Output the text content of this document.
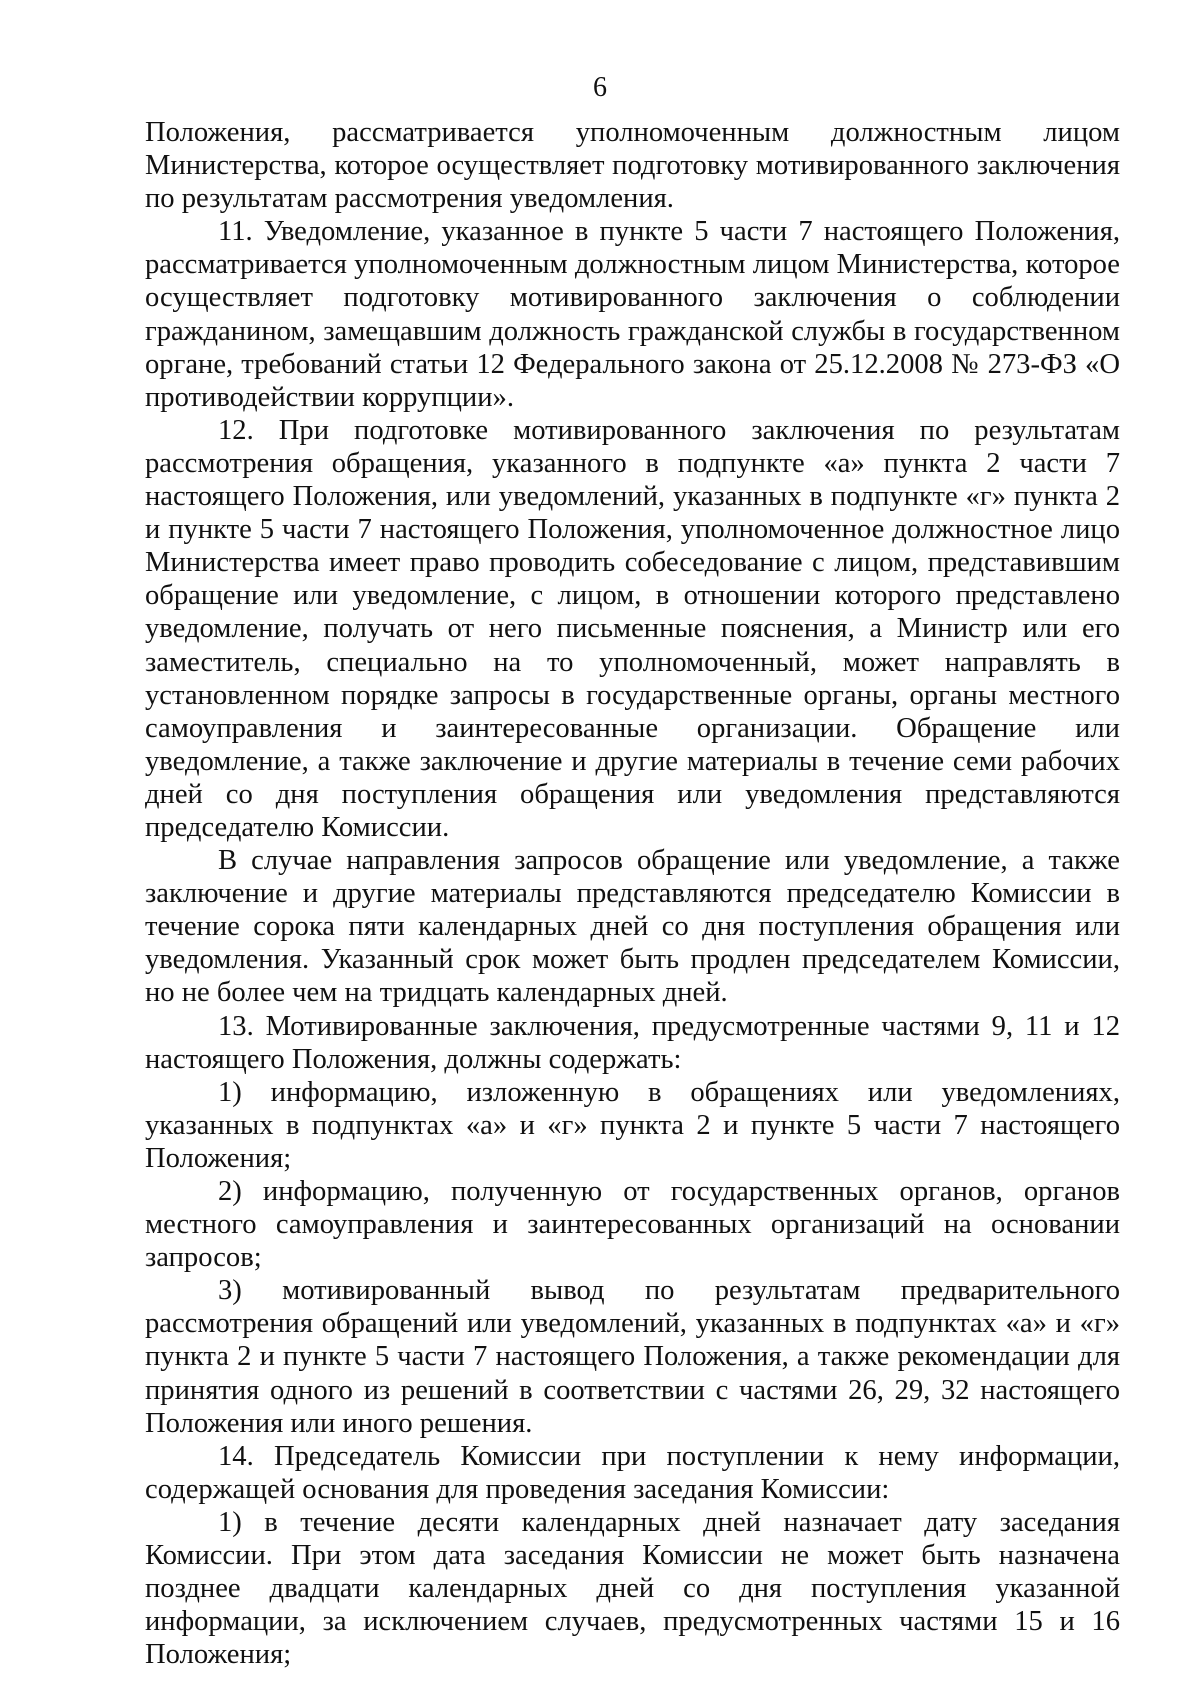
6

Положения, рассматривается уполномоченным должностным лицом Министерства, которое осуществляет подготовку мотивированного заключения по результатам рассмотрения уведомления.

11. Уведомление, указанное в пункте 5 части 7 настоящего Положения, рассматривается уполномоченным должностным лицом Министерства, которое осуществляет подготовку мотивированного заключения о соблюдении гражданином, замещавшим должность гражданской службы в государственном органе, требований статьи 12 Федерального закона от 25.12.2008 № 273-ФЗ «О противодействии коррупции».

12. При подготовке мотивированного заключения по результатам рассмотрения обращения, указанного в подпункте «а» пункта 2 части 7 настоящего Положения, или уведомлений, указанных в подпункте «г» пункта 2 и пункте 5 части 7 настоящего Положения, уполномоченное должностное лицо Министерства имеет право проводить собеседование с лицом, представившим обращение или уведомление, с лицом, в отношении которого представлено уведомление, получать от него письменные пояснения, а Министр или его заместитель, специально на то уполномоченный, может направлять в установленном порядке запросы в государственные органы, органы местного самоуправления и заинтересованные организации. Обращение или уведомление, а также заключение и другие материалы в течение семи рабочих дней со дня поступления обращения или уведомления представляются председателю Комиссии.

В случае направления запросов обращение или уведомление, а также заключение и другие материалы представляются председателю Комиссии в течение сорока пяти календарных дней со дня поступления обращения или уведомления. Указанный срок может быть продлен председателем Комиссии, но не более чем на тридцать календарных дней.

13. Мотивированные заключения, предусмотренные частями 9, 11 и 12 настоящего Положения, должны содержать:

1) информацию, изложенную в обращениях или уведомлениях, указанных в подпунктах «а» и «г» пункта 2 и пункте 5 части 7 настоящего Положения;

2) информацию, полученную от государственных органов, органов местного самоуправления и заинтересованных организаций на основании запросов;

3) мотивированный вывод по результатам предварительного рассмотрения обращений или уведомлений, указанных в подпунктах «а» и «г» пункта 2 и пункте 5 части 7 настоящего Положения, а также рекомендации для принятия одного из решений в соответствии с частями 26, 29, 32 настоящего Положения или иного решения.

14. Председатель Комиссии при поступлении к нему информации, содержащей основания для проведения заседания Комиссии:

1) в течение десяти календарных дней назначает дату заседания Комиссии. При этом дата заседания Комиссии не может быть назначена позднее двадцати календарных дней со дня поступления указанной информации, за исключением случаев, предусмотренных частями 15 и 16 Положения;
